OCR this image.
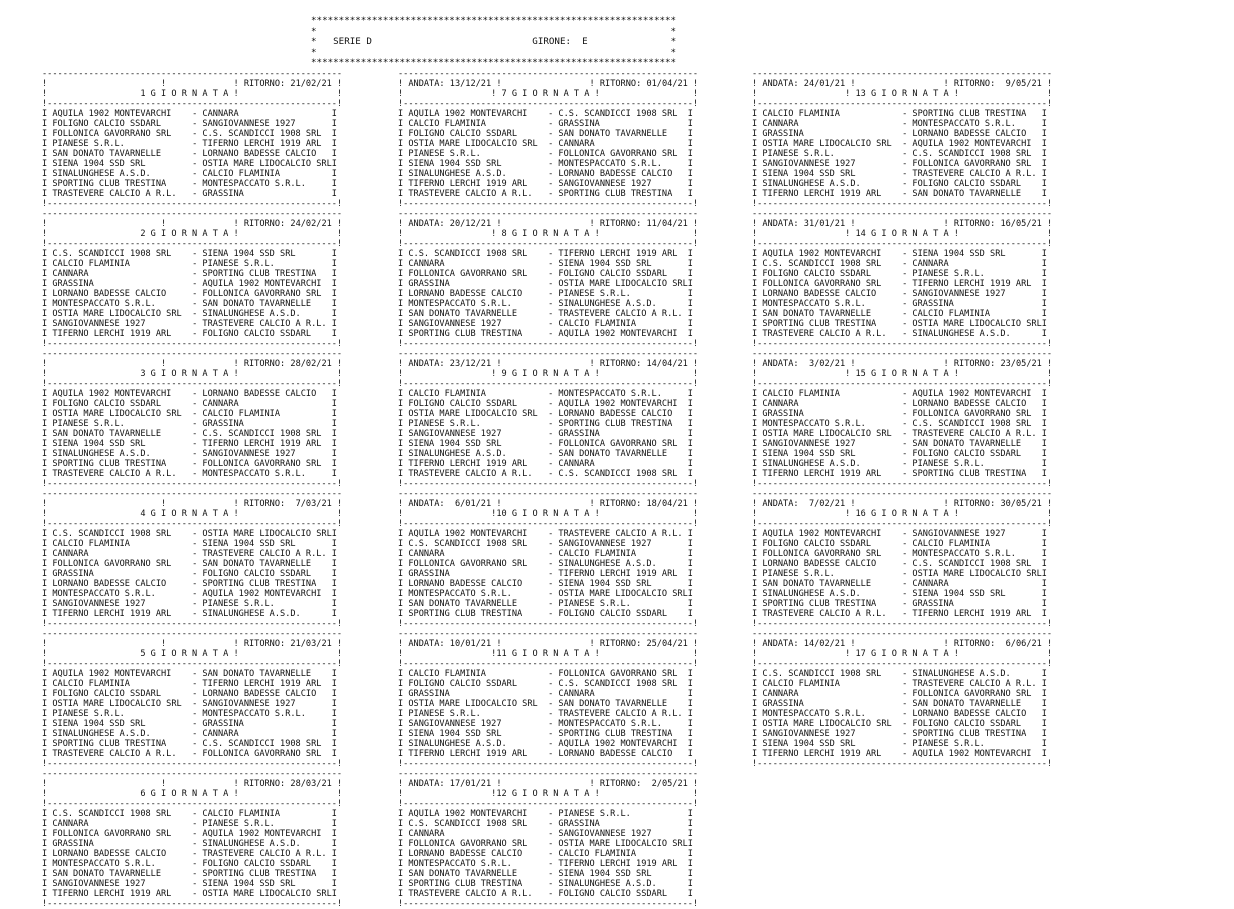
******************************************************************
*                                                                *
*   SERIE D	GIRONE: E	*
*                                                                *
******************************************************************
----------------------------------------------------------
!                      !	! RITORNO: 21/02/21 !
!                  1 G I O R N A T A !	!
!--------------------------------------------------------!
I AQUILA 1902 MONTEVARCHI    - CANNARA                  I
I FOLIGNO CALCIO SSDARL      - SANGIOVANNESE 1927       I
I FOLLONICA GAVORRANO SRL    - C.S. SCANDICCI 1908 SRL  I
I PIANESE S.R.L.             - TIFERNO LERCHI 1919 ARL  I
I SAN DONATO TAVARNELLE      - LORNANO BADESSE CALCIO   I
I SIENA 1904 SSD SRL         - OSTIA MARE LIDOCALCIO SRLI
I SINALUNGHESE A.S.D.        - CALCIO FLAMINIA          I
I SPORTING CLUB TRESTINA     - MONTESPACCATO S.R.L.     I
I TRASTEVERE CALCIO A R.L.   - GRASSINA                 I
!--------------------------------------------------------!
----------------------------------------------------------
!                      !	! RITORNO: 24/02/21 !
!                  2 G I O R N A T A !	!
!--------------------------------------------------------!
I C.S. SCANDICCI 1908 SRL    - SIENA 1904 SSD SRL       I
I CALCIO FLAMINIA            - PIANESE S.R.L.           I
I CANNARA                    - SPORTING CLUB TRESTINA   I
I GRASSINA                   - AQUILA 1902 MONTEVARCHI  I
I LORNANO BADESSE CALCIO     - FOLLONICA GAVORRANO SRL  I
I MONTESPACCATO S.R.L.       - SAN DONATO TAVARNELLE    I
I OSTIA MARE LIDOCALCIO SRL  - SINALUNGHESE A.S.D.      I
I SANGIOVANNESE 1927         - TRASTEVERE CALCIO A R.L. I
I TIFERNO LERCHI 1919 ARL    - FOLIGNO CALCIO SSDARL    I
!--------------------------------------------------------!
----------------------------------------------------------
!                      !	! RITORNO: 28/02/21 !
!                  3 G I O R N A T A !	!
!--------------------------------------------------------!
I AQUILA 1902 MONTEVARCHI    - LORNANO BADESSE CALCIO   I
I FOLIGNO CALCIO SSDARL      - CANNARA                  I
I OSTIA MARE LIDOCALCIO SRL  - CALCIO FLAMINIA          I
I PIANESE S.R.L.             - GRASSINA                 I
I SAN DONATO TAVARNELLE      - C.S. SCANDICCI 1908 SRL  I
I SIENA 1904 SSD SRL         - TIFERNO LERCHI 1919 ARL  I
I SINALUNGHESE A.S.D.        - SANGIOVANNESE 1927       I
I SPORTING CLUB TRESTINA     - FOLLONICA GAVORRANO SRL  I
I TRASTEVERE CALCIO A R.L.   - MONTESPACCATO S.R.L.     I
!--------------------------------------------------------!
----------------------------------------------------------
!                      !	! RITORNO:  7/03/21 !
!                  4 G I O R N A T A !	!
!--------------------------------------------------------!
I C.S. SCANDICCI 1908 SRL    - OSTIA MARE LIDOCALCIO SRLI
I CALCIO FLAMINIA            - SIENA 1904 SSD SRL       I
I CANNARA                    - TRASTEVERE CALCIO A R.L. I
I FOLLONICA GAVORRANO SRL    - SAN DONATO TAVARNELLE    I
I GRASSINA                   - FOLIGNO CALCIO SSDARL    I
I LORNANO BADESSE CALCIO     - SPORTING CLUB TRESTINA   I
I MONTESPACCATO S.R.L.       - AQUILA 1902 MONTEVARCHI  I
I SANGIOVANNESE 1927         - PIANESE S.R.L.           I
I TIFERNO LERCHI 1919 ARL    - SINALUNGHESE A.S.D.      I
!--------------------------------------------------------!
----------------------------------------------------------
!                      !	! RITORNO: 21/03/21 !
!                  5 G I O R N A T A !	!
!--------------------------------------------------------!
I AQUILA 1902 MONTEVARCHI    - SAN DONATO TAVARNELLE    I
I CALCIO FLAMINIA            - TIFERNO LERCHI 1919 ARL  I
I FOLIGNO CALCIO SSDARL      - LORNANO BADESSE CALCIO   I
I OSTIA MARE LIDOCALCIO SRL  - SANGIOVANNESE 1927       I
I PIANESE S.R.L.             - MONTESPACCATO S.R.L.     I
I SIENA 1904 SSD SRL         - GRASSINA                 I
I SINALUNGHESE A.S.D.        - CANNARA                  I
I SPORTING CLUB TRESTINA     - C.S. SCANDICCI 1908 SRL  I
I TRASTEVERE CALCIO A R.L.   - FOLLONICA GAVORRANO SRL  I
!--------------------------------------------------------!
----------------------------------------------------------
!                      !	! RITORNO: 28/03/21 !
!                  6 G I O R N A T A !	!
!--------------------------------------------------------!
I C.S. SCANDICCI 1908 SRL    - CALCIO FLAMINIA          I
I CANNARA                    - PIANESE S.R.L.           I
I FOLLONICA GAVORRANO SRL    - AQUILA 1902 MONTEVARCHI  I
I GRASSINA                   - SINALUNGHESE A.S.D.      I
I LORNANO BADESSE CALCIO     - TRASTEVERE CALCIO A R.L. I
I MONTESPACCATO S.R.L.       - FOLIGNO CALCIO SSDARL    I
I SAN DONATO TAVARNELLE      - SPORTING CLUB TRESTINA   I
I SANGIOVANNESE 1927         - SIENA 1904 SSD SRL       I
I TIFERNO LERCHI 1919 ARL    - OSTIA MARE LIDOCALCIO SRLI
!--------------------------------------------------------!
----------------------------------------------------------
! ANDATA: 13/12/21 !	! RITORNO: 01/04/21 !
!                 ! 7 G I O R N A T A !	!
!--------------------------------------------------------!
I AQUILA 1902 MONTEVARCHI    - C.S. SCANDICCI 1908 SRL  I
I CALCIO FLAMINIA            - GRASSINA                 I
I FOLIGNO CALCIO SSDARL      - SAN DONATO TAVARNELLE    I
I OSTIA MARE LIDOCALCIO SRL  - CANNARA                  I
I PIANESE S.R.L.             - FOLLONICA GAVORRANO SRL  I
I SIENA 1904 SSD SRL         - MONTESPACCATO S.R.L.     I
I SINALUNGHESE A.S.D.        - LORNANO BADESSE CALCIO   I
I TIFERNO LERCHI 1919 ARL    - SANGIOVANNESE 1927       I
I TRASTEVERE CALCIO A R.L.   - SPORTING CLUB TRESTINA   I
!--------------------------------------------------------!
----------------------------------------------------------
! ANDATA: 20/12/21 !	! RITORNO: 11/04/21 !
!                 ! 8 G I O R N A T A !	!
!--------------------------------------------------------!
I C.S. SCANDICCI 1908 SRL    - TIFERNO LERCHI 1919 ARL  I
I CANNARA                    - SIENA 1904 SSD SRL       I
I FOLLONICA GAVORRANO SRL    - FOLIGNO CALCIO SSDARL    I
I GRASSINA                   - OSTIA MARE LIDOCALCIO SRLI
I LORNANO BADESSE CALCIO     - PIANESE S.R.L.           I
I MONTESPACCATO S.R.L.       - SINALUNGHESE A.S.D.      I
I SAN DONATO TAVARNELLE      - TRASTEVERE CALCIO A R.L. I
I SANGIOVANNESE 1927         - CALCIO FLAMINIA          I
I SPORTING CLUB TRESTINA     - AQUILA 1902 MONTEVARCHI  I
!--------------------------------------------------------!
----------------------------------------------------------
! ANDATA: 23/12/21 !	! RITORNO: 14/04/21 !
!                 ! 9 G I O R N A T A !	!
!--------------------------------------------------------!
I CALCIO FLAMINIA            - MONTESPACCATO S.R.L.     I
I FOLIGNO CALCIO SSDARL      - AQUILA 1902 MONTEVARCHI  I
I OSTIA MARE LIDOCALCIO SRL  - LORNANO BADESSE CALCIO   I
I PIANESE S.R.L.             - SPORTING CLUB TRESTINA   I
I SANGIOVANNESE 1927         - GRASSINA                 I
I SIENA 1904 SSD SRL         - FOLLONICA GAVORRANO SRL  I
I SINALUNGHESE A.S.D.        - SAN DONATO TAVARNELLE    I
I TIFERNO LERCHI 1919 ARL    - CANNARA                  I
I TRASTEVERE CALCIO A R.L.   - C.S. SCANDICCI 1908 SRL  I
!--------------------------------------------------------!
----------------------------------------------------------
! ANDATA:  6/01/21 !	! RITORNO: 18/04/21 !
!                 !10 G I O R N A T A !	!
!--------------------------------------------------------!
I AQUILA 1902 MONTEVARCHI    - TRASTEVERE CALCIO A R.L. I
I C.S. SCANDICCI 1908 SRL    - SANGIOVANNESE 1927       I
I CANNARA                    - CALCIO FLAMINIA          I
I FOLLONICA GAVORRANO SRL    - SINALUNGHESE A.S.D.      I
I GRASSINA                   - TIFERNO LERCHI 1919 ARL  I
I LORNANO BADESSE CALCIO     - SIENA 1904 SSD SRL       I
I MONTESPACCATO S.R.L.       - OSTIA MARE LIDOCALCIO SRLI
I SAN DONATO TAVARNELLE      - PIANESE S.R.L.           I
I SPORTING CLUB TRESTINA     - FOLIGNO CALCIO SSDARL    I
!--------------------------------------------------------!
----------------------------------------------------------
! ANDATA: 10/01/21 !	! RITORNO: 25/04/21 !
!                 !11 G I O R N A T A !	!
!--------------------------------------------------------!
I CALCIO FLAMINIA            - FOLLONICA GAVORRANO SRL  I
I FOLIGNO CALCIO SSDARL      - C.S. SCANDICCI 1908 SRL  I
I GRASSINA                   - CANNARA                  I
I OSTIA MARE LIDOCALCIO SRL  - SAN DONATO TAVARNELLE    I
I PIANESE S.R.L.             - TRASTEVERE CALCIO A R.L. I
I SANGIOVANNESE 1927         - MONTESPACCATO S.R.L.     I
I SIENA 1904 SSD SRL         - SPORTING CLUB TRESTINA   I
I SINALUNGHESE A.S.D.        - AQUILA 1902 MONTEVARCHI  I
I TIFERNO LERCHI 1919 ARL    - LORNANO BADESSE CALCIO   I
!--------------------------------------------------------!
----------------------------------------------------------
! ANDATA: 17/01/21 !	! RITORNO:  2/05/21 !
!                 !12 G I O R N A T A !	!
!--------------------------------------------------------!
I AQUILA 1902 MONTEVARCHI    - PIANESE S.R.L.           I
I C.S. SCANDICCI 1908 SRL    - GRASSINA                 I
I CANNARA                    - SANGIOVANNESE 1927       I
I FOLLONICA GAVORRANO SRL    - OSTIA MARE LIDOCALCIO SRLI
I LORNANO BADESSE CALCIO     - CALCIO FLAMINIA          I
I MONTESPACCATO S.R.L.       - TIFERNO LERCHI 1919 ARL  I
I SAN DONATO TAVARNELLE      - SIENA 1904 SSD SRL       I
I SPORTING CLUB TRESTINA     - SINALUNGHESE A.S.D.      I
I TRASTEVERE CALCIO A R.L.   - FOLIGNO CALCIO SSDARL    I
!--------------------------------------------------------!
----------------------------------------------------------
! ANDATA: 24/01/21 !	! RITORNO:  9/05/21 !
!                 ! 13 G I O R N A T A !	!
!--------------------------------------------------------!
I CALCIO FLAMINIA            - SPORTING CLUB TRESTINA   I
I CANNARA                    - MONTESPACCATO S.R.L.     I
I GRASSINA                   - LORNANO BADESSE CALCIO   I
I OSTIA MARE LIDOCALCIO SRL  - AQUILA 1902 MONTEVARCHI  I
I PIANESE S.R.L.             - C.S. SCANDICCI 1908 SRL  I
I SANGIOVANNESE 1927         - FOLLONICA GAVORRANO SRL  I
I SIENA 1904 SSD SRL         - TRASTEVERE CALCIO A R.L. I
I SINALUNGHESE A.S.D.        - FOLIGNO CALCIO SSDARL    I
I TIFERNO LERCHI 1919 ARL    - SAN DONATO TAVARNELLE    I
!--------------------------------------------------------!
----------------------------------------------------------
! ANDATA: 31/01/21 !	! RITORNO: 16/05/21 !
!                 ! 14 G I O R N A T A !	!
!--------------------------------------------------------!
I AQUILA 1902 MONTEVARCHI    - SIENA 1904 SSD SRL       I
I C.S. SCANDICCI 1908 SRL    - CANNARA                  I
I FOLIGNO CALCIO SSDARL      - PIANESE S.R.L.           I
I FOLLONICA GAVORRANO SRL    - TIFERNO LERCHI 1919 ARL  I
I LORNANO BADESSE CALCIO     - SANGIOVANNESE 1927       I
I MONTESPACCATO S.R.L.       - GRASSINA                 I
I SAN DONATO TAVARNELLE      - CALCIO FLAMINIA          I
I SPORTING CLUB TRESTINA     - OSTIA MARE LIDOCALCIO SRLI
I TRASTEVERE CALCIO A R.L.   - SINALUNGHESE A.S.D.      I
!--------------------------------------------------------!
----------------------------------------------------------
! ANDATA:  3/02/21 !	! RITORNO: 23/05/21 !
!                 ! 15 G I O R N A T A !	!
!--------------------------------------------------------!
I CALCIO FLAMINIA            - AQUILA 1902 MONTEVARCHI  I
I CANNARA                    - LORNANO BADESSE CALCIO   I
I GRASSINA                   - FOLLONICA GAVORRANO SRL  I
I MONTESPACCATO S.R.L.       - C.S. SCANDICCI 1908 SRL  I
I OSTIA MARE LIDOCALCIO SRL  - TRASTEVERE CALCIO A R.L. I
I SANGIOVANNESE 1927         - SAN DONATO TAVARNELLE    I
I SIENA 1904 SSD SRL         - FOLIGNO CALCIO SSDARL    I
I SINALUNGHESE A.S.D.        - PIANESE S.R.L.           I
I TIFERNO LERCHI 1919 ARL    - SPORTING CLUB TRESTINA   I
!--------------------------------------------------------!
----------------------------------------------------------
! ANDATA:  7/02/21 !	! RITORNO: 30/05/21 !
!                 ! 16 G I O R N A T A !	!
!--------------------------------------------------------!
I AQUILA 1902 MONTEVARCHI    - SANGIOVANNESE 1927       I
I FOLIGNO CALCIO SSDARL      - CALCIO FLAMINIA          I
I FOLLONICA GAVORRANO SRL    - MONTESPACCATO S.R.L.     I
I LORNANO BADESSE CALCIO     - C.S. SCANDICCI 1908 SRL  I
I PIANESE S.R.L.             - OSTIA MARE LIDOCALCIO SRLI
I SAN DONATO TAVARNELLE      - CANNARA                  I
I SINALUNGHESE A.S.D.        - SIENA 1904 SSD SRL       I
I SPORTING CLUB TRESTINA     - GRASSINA                 I
I TRASTEVERE CALCIO A R.L.   - TIFERNO LERCHI 1919 ARL  I
!--------------------------------------------------------!
----------------------------------------------------------
! ANDATA: 14/02/21 !	! RITORNO:  6/06/21 !
!                 ! 17 G I O R N A T A !	!
!--------------------------------------------------------!
I C.S. SCANDICCI 1908 SRL    - SINALUNGHESE A.S.D.      I
I CALCIO FLAMINIA            - TRASTEVERE CALCIO A R.L. I
I CANNARA                    - FOLLONICA GAVORRANO SRL  I
I GRASSINA                   - SAN DONATO TAVARNELLE    I
I MONTESPACCATO S.R.L.       - LORNANO BADESSE CALCIO   I
I OSTIA MARE LIDOCALCIO SRL  - FOLIGNO CALCIO SSDARL    I
I SANGIOVANNESE 1927         - SPORTING CLUB TRESTINA   I
I SIENA 1904 SSD SRL         - PIANESE S.R.L.           I
I TIFERNO LERCHI 1919 ARL    - AQUILA 1902 MONTEVARCHI  I
!--------------------------------------------------------!
